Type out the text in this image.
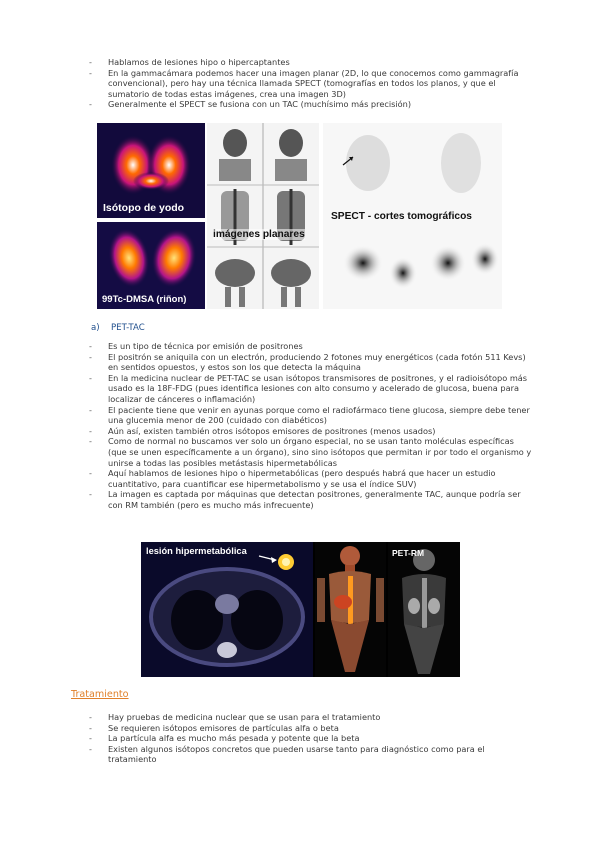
- Hablamos de lesiones hipo o hipercaptantes
- En la gammacámara podemos hacer una imagen planar (2D, lo que conocemos como gammagrafía convencional), pero hay una técnica llamada SPECT (tomografías en todos los planos, y que el sumatorio de todas estas imágenes, crea una imagen 3D)
- Generalmente el SPECT se fusiona con un TAC (muchísimo más precisión)
Isótopo de yodo
99Tc-DMSA (riñon)
imágenes planares
SPECT - cortes tomográficos
a) PET-TAC
- Es un tipo de técnica por emisión de positrones
- El positrón se aniquila con un electrón, produciendo 2 fotones muy energéticos (cada fotón 511 Kevs) en sentidos opuestos, y estos son los que detecta la máquina
- En la medicina nuclear de PET-TAC se usan isótopos transmisores de positrones, y el radioisótopo más usado es la 18F-FDG (pues identifica lesiones con alto consumo y acelerado de glucosa, buena para localizar de cánceres o inflamación)
- El paciente tiene que venir en ayunas porque como el radiofármaco tiene glucosa, siempre debe tener una glucemia menor de 200 (cuidado con diabéticos)
- Aún así, existen también otros isótopos emisores de positrones (menos usados)
- Como de normal no buscamos ver solo un órgano especial, no se usan tanto moléculas específicas (que se unen específicamente a un órgano), sino sino isótopos que permitan ir por todo el organismo y unirse a todas las posibles metástasis hipermetabólicas
- Aquí hablamos de lesiones hipo o hipermetabólicas (pero después habrá que hacer un estudio cuantitativo, para cuantificar ese hipermetabolismo y se usa el índice SUV)
- La imagen es captada por máquinas que detectan positrones, generalmente TAC, aunque podría ser con RM también (pero es mucho más infrecuente)
lesión hipermetabólica	PET-RM
Tratamiento
- Hay pruebas de medicina nuclear que se usan para el tratamiento
- Se requieren isótopos emisores de partículas alfa o beta
- La partícula alfa es mucho más pesada y potente que la beta
- Existen algunos isótopos concretos que pueden usarse tanto para diagnóstico como para el tratamiento
